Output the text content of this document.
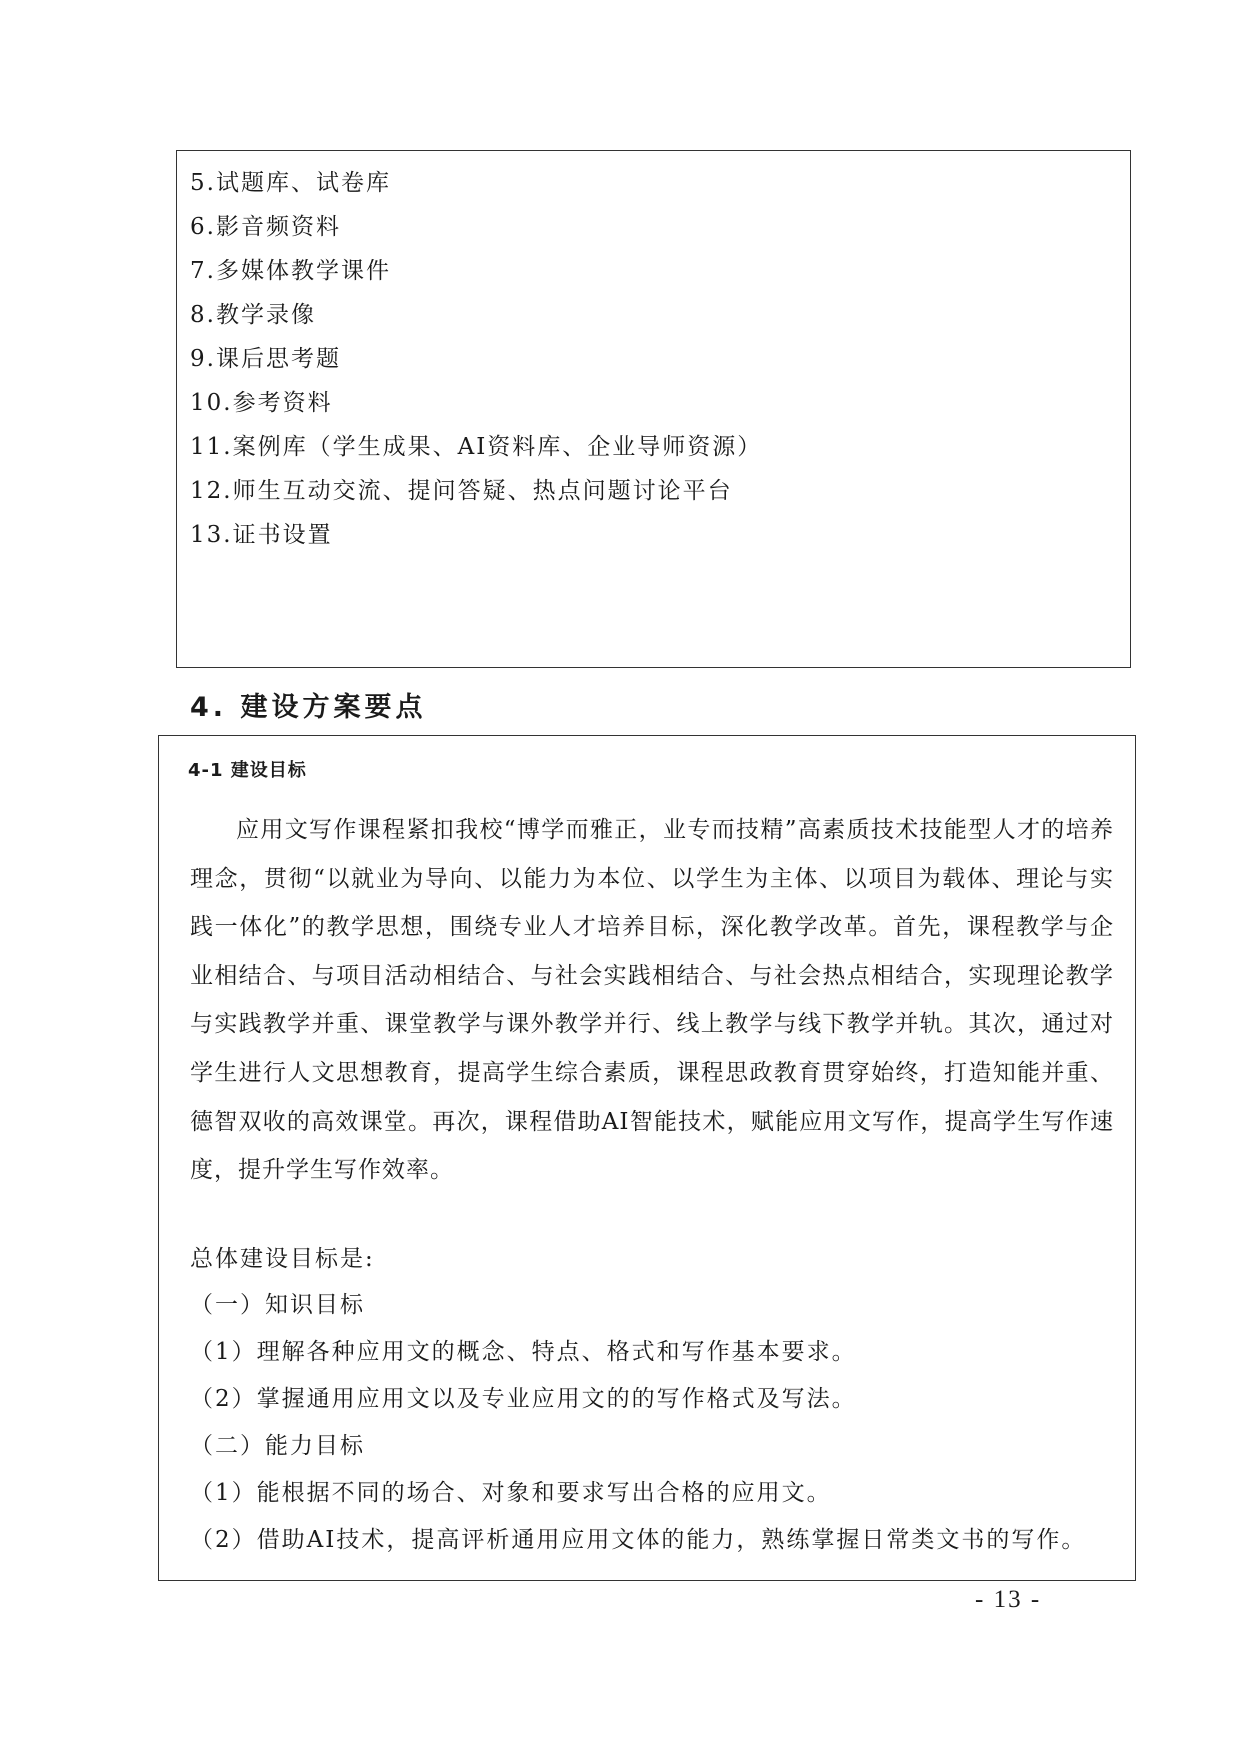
5.试题库、试卷库
6.影音频资料
7.多媒体教学课件
8.教学录像
9.课后思考题
10.参考资料
11.案例库（学生成果、AI资料库、企业导师资源）
12.师生互动交流、提问答疑、热点问题讨论平台
13.证书设置
4. 建设方案要点
4-1 建设目标

应用文写作课程紧扣我校“博学而雅正，业专而技精”高素质技术技能型人才的培养理念，贯彻“以就业为导向、以能力为本位、以学生为主体、以项目为载体、理论与实践一体化”的教学思想，围绕专业人才培养目标，深化教学改革。首先，课程教学与企业相结合、与项目活动相结合、与社会实践相结合、与社会热点相结合，实现理论教学与实践教学并重、课堂教学与课外教学并行、线上教学与线下教学并轨。其次，通过对学生进行人文思想教育，提高学生综合素质，课程思政教育贯穿始终，打造知能并重、德智双收的高效课堂。再次，课程借助AI智能技术，赋能应用文写作，提高学生写作速度，提升学生写作效率。

总体建设目标是:
（一）知识目标
（1）理解各种应用文的概念、特点、格式和写作基本要求。
（2）掌握通用应用文以及专业应用文的的写作格式及写法。
（二）能力目标
（1）能根据不同的场合、对象和要求写出合格的应用文。
（2）借助AI技术，提高评析通用应用文体的能力，熟练掌握日常类文书的写作。
- 13 -
